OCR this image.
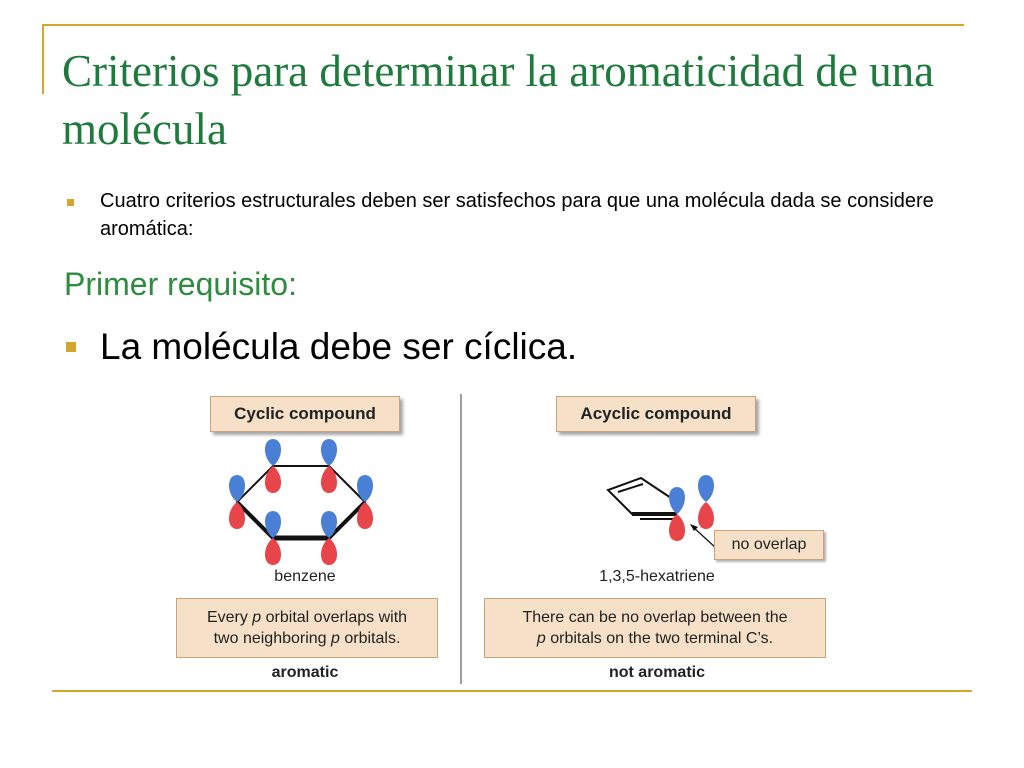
Criterios para determinar la aromaticidad de una molécula
Cuatro criterios estructurales deben ser satisfechos para que una molécula dada se considere aromática:
Primer requisito:
La molécula debe ser cíclica.
Cyclic compound
benzene
Every p orbital overlaps with
two neighboring p orbitals.
aromatic
Acyclic compound
no overlap
1,3,5-hexatriene
There can be no overlap between the
p orbitals on the two terminal C’s.
not aromatic
